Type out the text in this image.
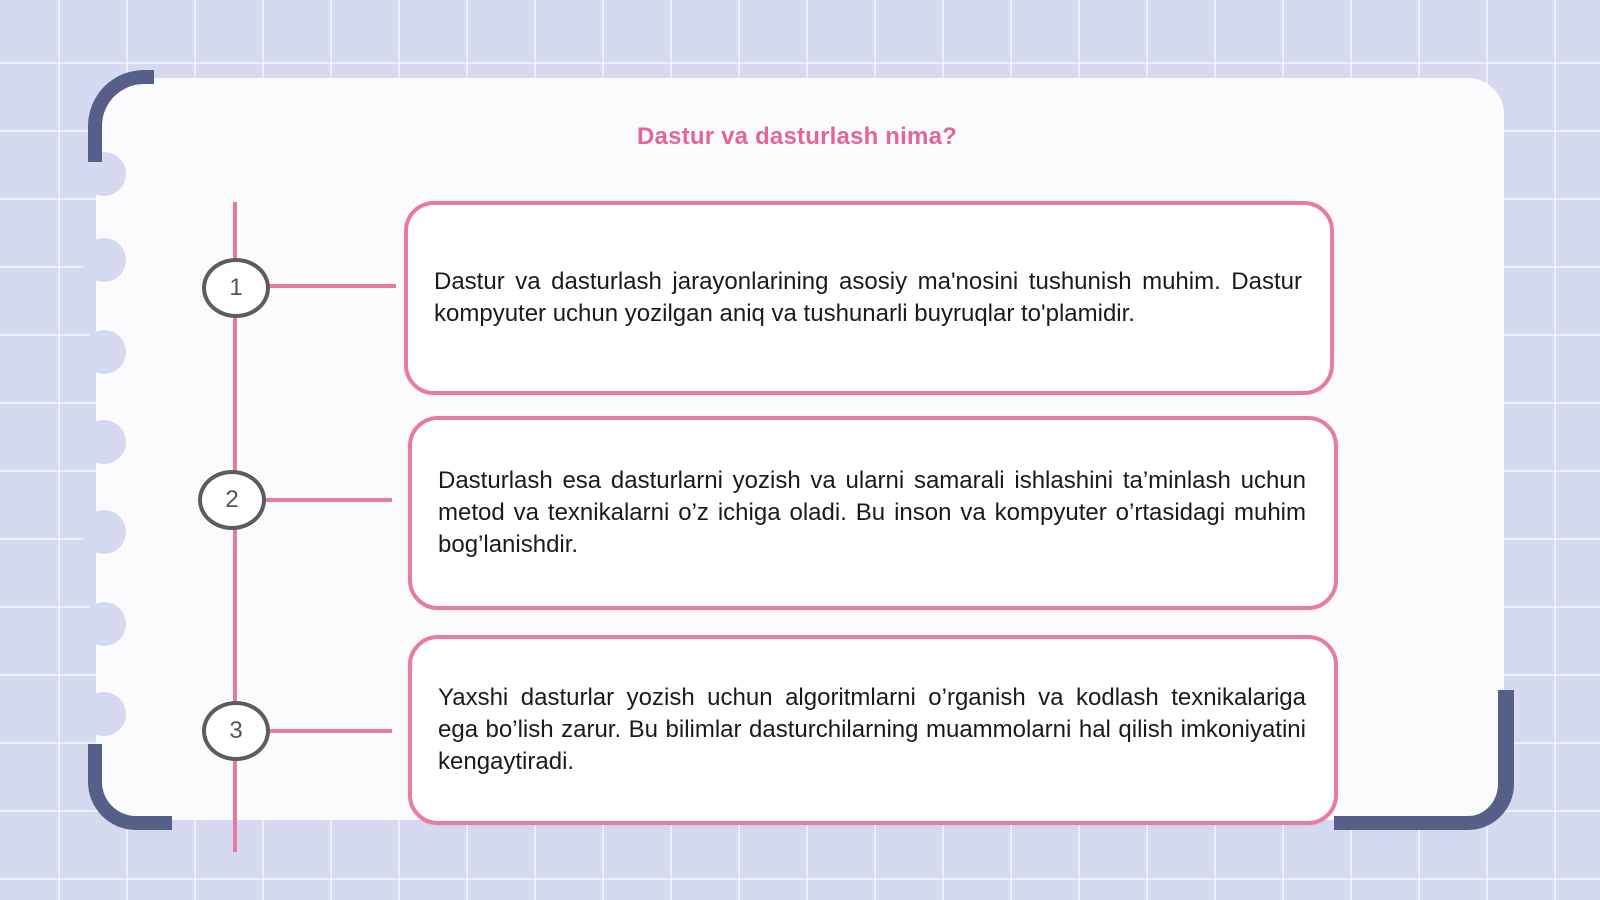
Dastur va dasturlash nima?
1
2
3

Dastur va dasturlash jarayonlarining asosiy ma'nosini tushunish muhim. Dastur kompyuter uchun yozilgan aniq va tushunarli buyruqlar to'plamidir.

Dasturlash esa dasturlarni yozish va ularni samarali ishlashini ta’minlash uchun metod va texnikalarni o’z ichiga oladi. Bu inson va kompyuter o’rtasidagi muhim bog’lanishdir.

Yaxshi dasturlar yozish uchun algoritmlarni o’rganish va kodlash texnikalariga ega bo’lish zarur. Bu bilimlar dasturchilarning muammolarni hal qilish imkoniyatini kengaytiradi.
